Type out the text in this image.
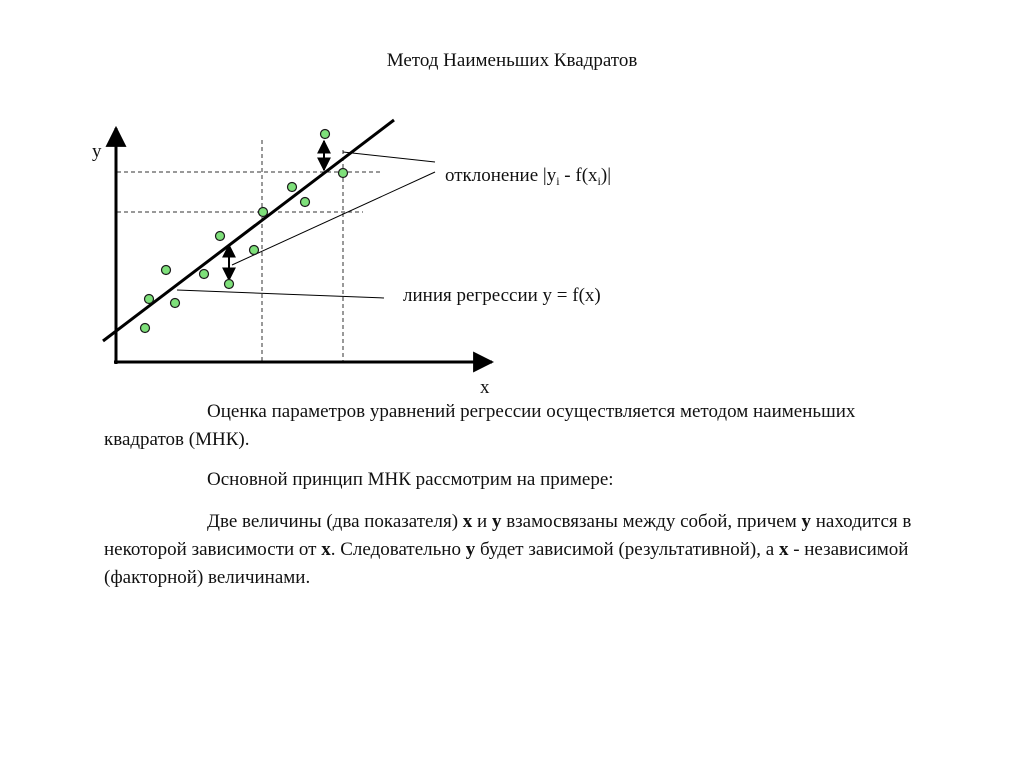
Метод Наименьших Квадратов
y
x
отклонение $|y_i - f(x_i)|$
линия регрессии y = f(x)

Оценка параметров уравнений регрессии осуществляется методом наименьших квадратов (МНК).

Основной принцип МНК рассмотрим на примере:

Две величины (два показателя) x и y взамосвязаны между собой, причем y находится в некоторой зависимости от x. Следовательно y будет зависимой (результативной), а x - независимой (факторной) величинами.
